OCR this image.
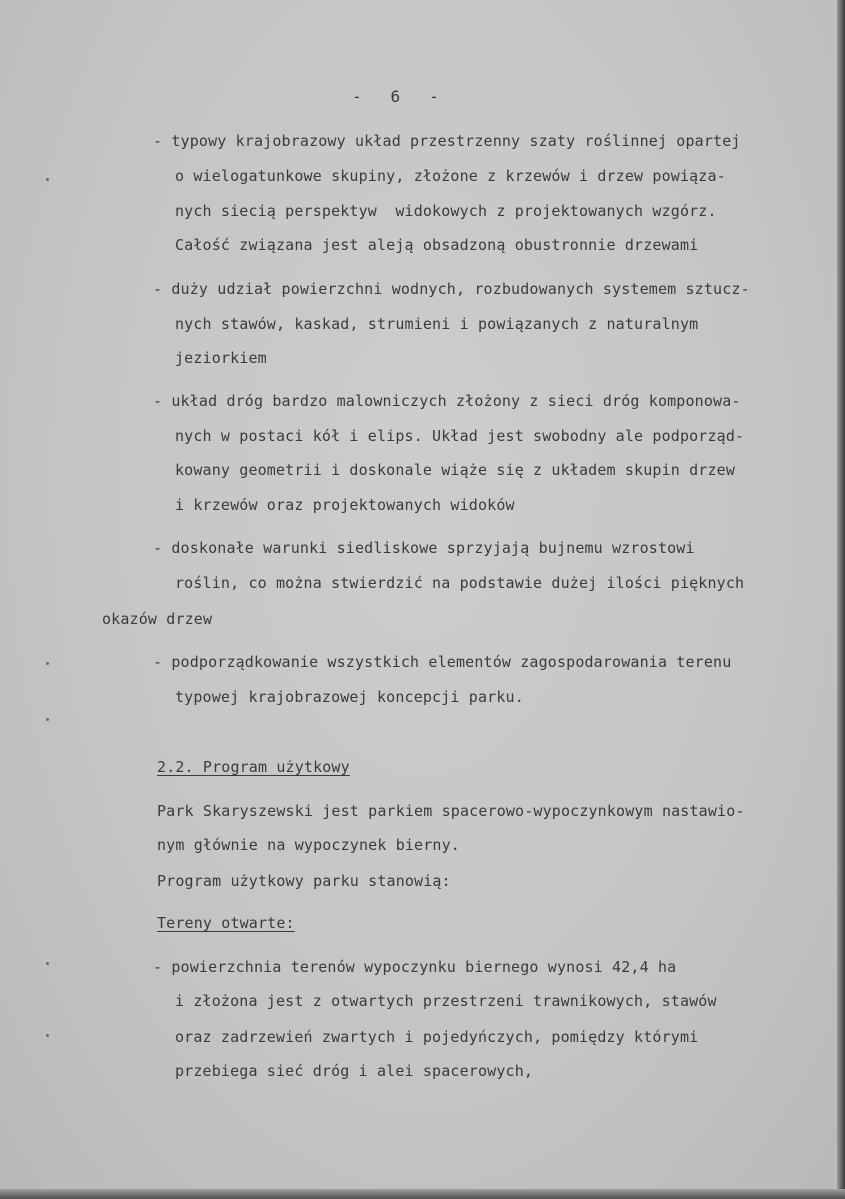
-   6   -
- typowy krajobrazowy układ przestrzenny szaty roślinnej opartej
o wielogatunkowe skupiny, złożone z krzewów i drzew powiąza-
nych siecią perspektyw  widokowych z projektowanych wzgórz.
Całość związana jest aleją obsadzoną obustronnie drzewami
- duży udział powierzchni wodnych, rozbudowanych systemem sztucz-
nych stawów, kaskad, strumieni i powiązanych z naturalnym
jeziorkiem
- układ dróg bardzo malowniczych złożony z sieci dróg komponowa-
nych w postaci kół i elips. Układ jest swobodny ale podporząd-
kowany geometrii i doskonale wiąże się z układem skupin drzew
i krzewów oraz projektowanych widoków
- doskonałe warunki siedliskowe sprzyjają bujnemu wzrostowi
roślin, co można stwierdzić na podstawie dużej ilości pięknych
okazów drzew
- podporządkowanie wszystkich elementów zagospodarowania terenu
typowej krajobrazowej koncepcji parku.
2.2. Program użytkowy
Park Skaryszewski jest parkiem spacerowo-wypoczynkowym nastawio-
nym głównie na wypoczynek bierny.
Program użytkowy parku stanowią:
Tereny otwarte:
- powierzchnia terenów wypoczynku biernego wynosi 42,4 ha
i złożona jest z otwartych przestrzeni trawnikowych, stawów
oraz zadrzewień zwartych i pojedyńczych, pomiędzy którymi
przebiega sieć dróg i alei spacerowych,
